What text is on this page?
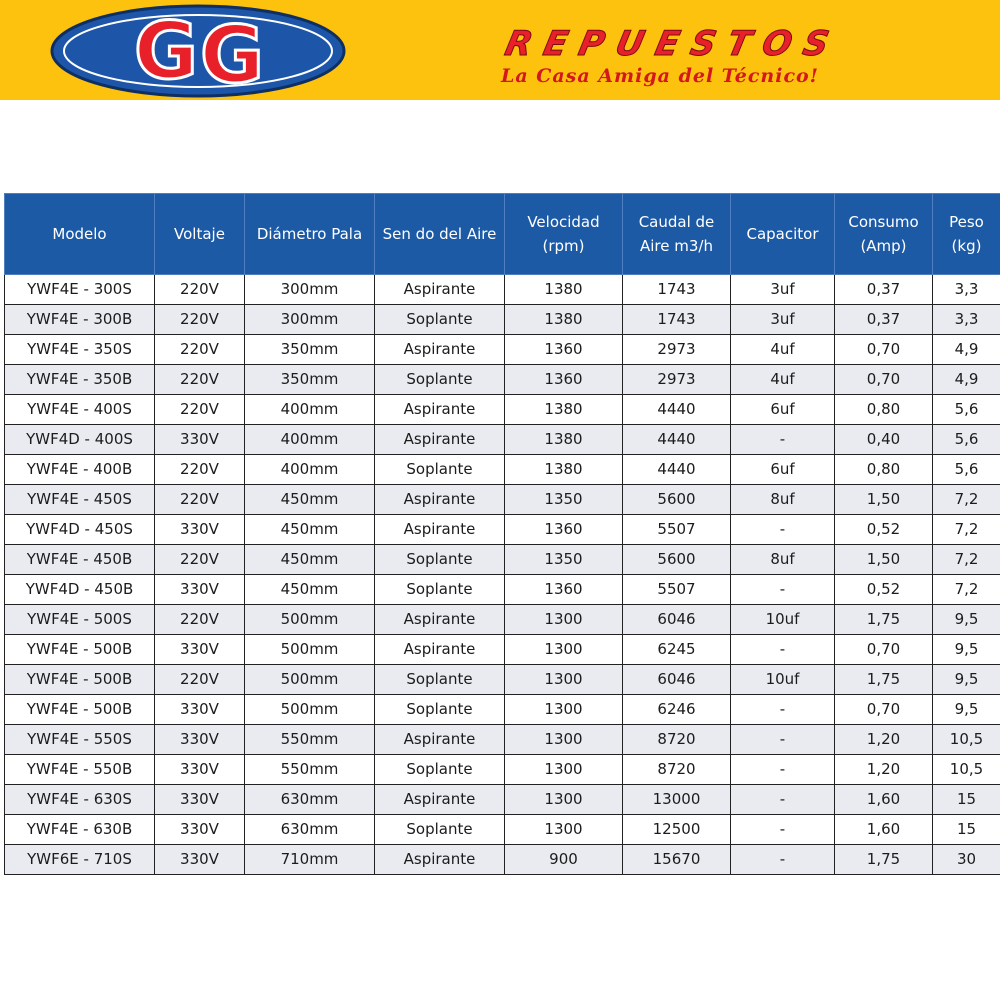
G G	REPUESTOS
La Casa Amiga del Técnico!
Modelo	Voltaje	Diámetro Pala	Sen do del Aire	Velocidad (rpm)	Caudal de Aire m3/h	Capacitor	Consumo (Amp)	Peso (kg)
YWF4E - 300S	220V	300mm	Aspirante	1380	1743	3uf	0,37	3,3
YWF4E - 300B	220V	300mm	Soplante	1380	1743	3uf	0,37	3,3
YWF4E - 350S	220V	350mm	Aspirante	1360	2973	4uf	0,70	4,9
YWF4E - 350B	220V	350mm	Soplante	1360	2973	4uf	0,70	4,9
YWF4E - 400S	220V	400mm	Aspirante	1380	4440	6uf	0,80	5,6
YWF4D - 400S	330V	400mm	Aspirante	1380	4440	-	0,40	5,6
YWF4E - 400B	220V	400mm	Soplante	1380	4440	6uf	0,80	5,6
YWF4E - 450S	220V	450mm	Aspirante	1350	5600	8uf	1,50	7,2
YWF4D - 450S	330V	450mm	Aspirante	1360	5507	-	0,52	7,2
YWF4E - 450B	220V	450mm	Soplante	1350	5600	8uf	1,50	7,2
YWF4D - 450B	330V	450mm	Soplante	1360	5507	-	0,52	7,2
YWF4E - 500S	220V	500mm	Aspirante	1300	6046	10uf	1,75	9,5
YWF4E - 500B	330V	500mm	Aspirante	1300	6245	-	0,70	9,5
YWF4E - 500B	220V	500mm	Soplante	1300	6046	10uf	1,75	9,5
YWF4E - 500B	330V	500mm	Soplante	1300	6246	-	0,70	9,5
YWF4E - 550S	330V	550mm	Aspirante	1300	8720	-	1,20	10,5
YWF4E - 550B	330V	550mm	Soplante	1300	8720	-	1,20	10,5
YWF4E - 630S	330V	630mm	Aspirante	1300	13000	-	1,60	15
YWF4E - 630B	330V	630mm	Soplante	1300	12500	-	1,60	15
YWF6E - 710S	330V	710mm	Aspirante	900	15670	-	1,75	30
